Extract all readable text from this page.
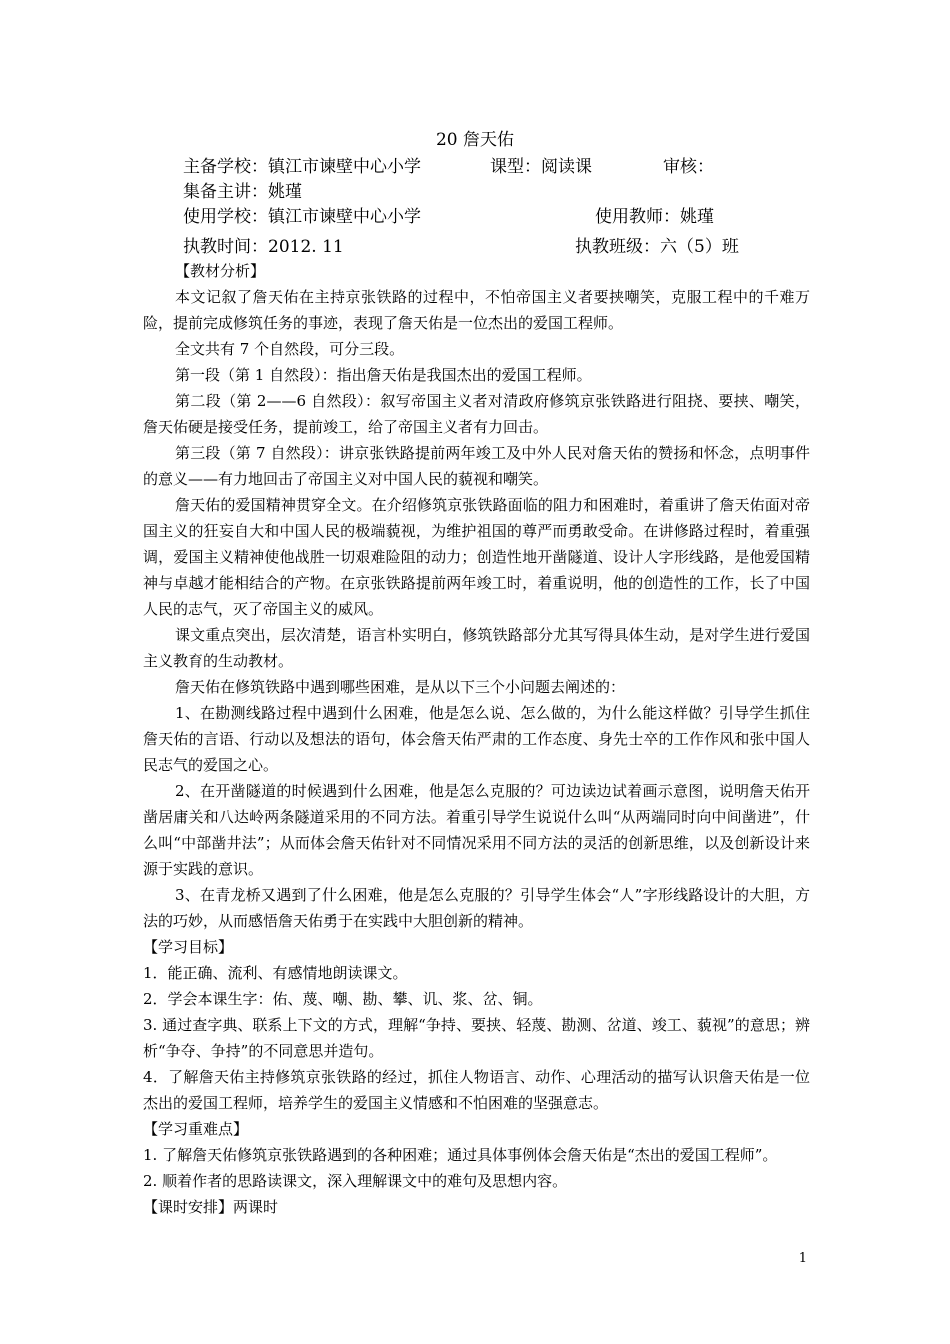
20 詹天佑
主备学校：镇江市谏壁中心小学	课型：阅读课	审核：
集备主讲：姚瑾
使用学校：镇江市谏壁中心小学	使用教师：姚瑾
执教时间：2012. 11	执教班级：六（5）班

【教材分析】

本文记叙了詹天佑在主持京张铁路的过程中，不怕帝国主义者要挟嘲笑，克服工程中的千难万险，提前完成修筑任务的事迹，表现了詹天佑是一位杰出的爱国工程师。

全文共有 7 个自然段，可分三段。

第一段（第 1 自然段）：指出詹天佑是我国杰出的爱国工程师。

第二段（第 2——6 自然段）：叙写帝国主义者对清政府修筑京张铁路进行阻挠、要挟、嘲笑，詹天佑硬是接受任务，提前竣工，给了帝国主义者有力回击。

第三段（第 7 自然段）：讲京张铁路提前两年竣工及中外人民对詹天佑的赞扬和怀念，点明事件的意义——有力地回击了帝国主义对中国人民的藐视和嘲笑。

詹天佑的爱国精神贯穿全文。在介绍修筑京张铁路面临的阻力和困难时，着重讲了詹天佑面对帝国主义的狂妄自大和中国人民的极端藐视，为维护祖国的尊严而勇敢受命。在讲修路过程时，着重强调，爱国主义精神使他战胜一切艰难险阻的动力；创造性地开凿隧道、设计人字形线路，是他爱国精神与卓越才能相结合的产物。在京张铁路提前两年竣工时，着重说明，他的创造性的工作，长了中国人民的志气，灭了帝国主义的威风。

课文重点突出，层次清楚，语言朴实明白，修筑铁路部分尤其写得具体生动，是对学生进行爱国主义教育的生动教材。

詹天佑在修筑铁路中遇到哪些困难，是从以下三个小问题去阐述的：

1、在勘测线路过程中遇到什么困难，他是怎么说、怎么做的，为什么能这样做？引导学生抓住詹天佑的言语、行动以及想法的语句，体会詹天佑严肃的工作态度、身先士卒的工作作风和张中国人民志气的爱国之心。

2、在开凿隧道的时候遇到什么困难，他是怎么克服的？可边读边试着画示意图，说明詹天佑开凿居庸关和八达岭两条隧道采用的不同方法。着重引导学生说说什么叫“从两端同时向中间凿进”，什么叫“中部凿井法”；从而体会詹天佑针对不同情况采用不同方法的灵活的创新思维，以及创新设计来源于实践的意识。

3、在青龙桥又遇到了什么困难，他是怎么克服的？引导学生体会“人”字形线路设计的大胆，方法的巧妙，从而感悟詹天佑勇于在实践中大胆创新的精神。

【学习目标】

1．能正确、流利、有感情地朗读课文。

2．学会本课生字：佑、蔑、嘲、勘、攀、讥、浆、岔、铜。

3. 通过查字典、联系上下文的方式，理解“争持、要挟、轻蔑、勘测、岔道、竣工、藐视”的意思；辨析“争夺、争持”的不同意思并造句。

4．了解詹天佑主持修筑京张铁路的经过，抓住人物语言、动作、心理活动的描写认识詹天佑是一位杰出的爱国工程师，培养学生的爱国主义情感和不怕困难的坚强意志。

【学习重难点】

1. 了解詹天佑修筑京张铁路遇到的各种困难；通过具体事例体会詹天佑是“杰出的爱国工程师”。

2. 顺着作者的思路读课文，深入理解课文中的难句及思想内容。

【课时安排】两课时

1
